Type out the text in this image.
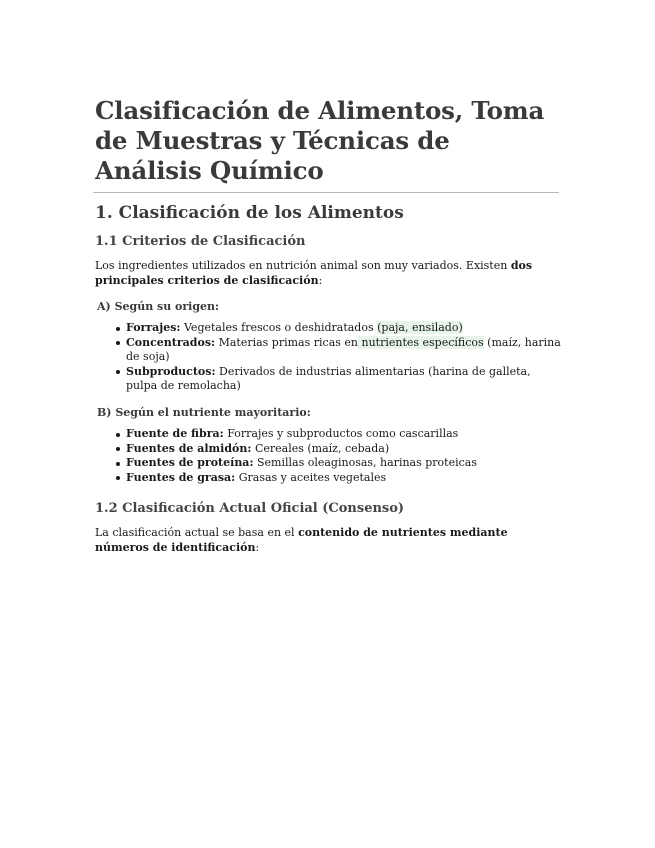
Clasificación de Alimentos, Toma de Muestras y Técnicas de Análisis Químico
1. Clasificación de los Alimentos
1.1 Criterios de Clasificación

Los ingredientes utilizados en nutrición animal son muy variados. Existen dos principales criterios de clasificación:

A) Según su origen:

Forrajes: Vegetales frescos o deshidratados (paja, ensilado)
Concentrados: Materias primas ricas en nutrientes específicos (maíz, harina de soja)
Subproductos: Derivados de industrias alimentarias (harina de galleta, pulpa de remolacha)

B) Según el nutriente mayoritario:

Fuente de fibra: Forrajes y subproductos como cascarillas
Fuentes de almidón: Cereales (maíz, cebada)
Fuentes de proteína: Semillas oleaginosas, harinas proteicas
Fuentes de grasa: Grasas y aceites vegetales
1.2 Clasificación Actual Oficial (Consenso)

La clasificación actual se basa en el contenido de nutrientes mediante números de identificación:
